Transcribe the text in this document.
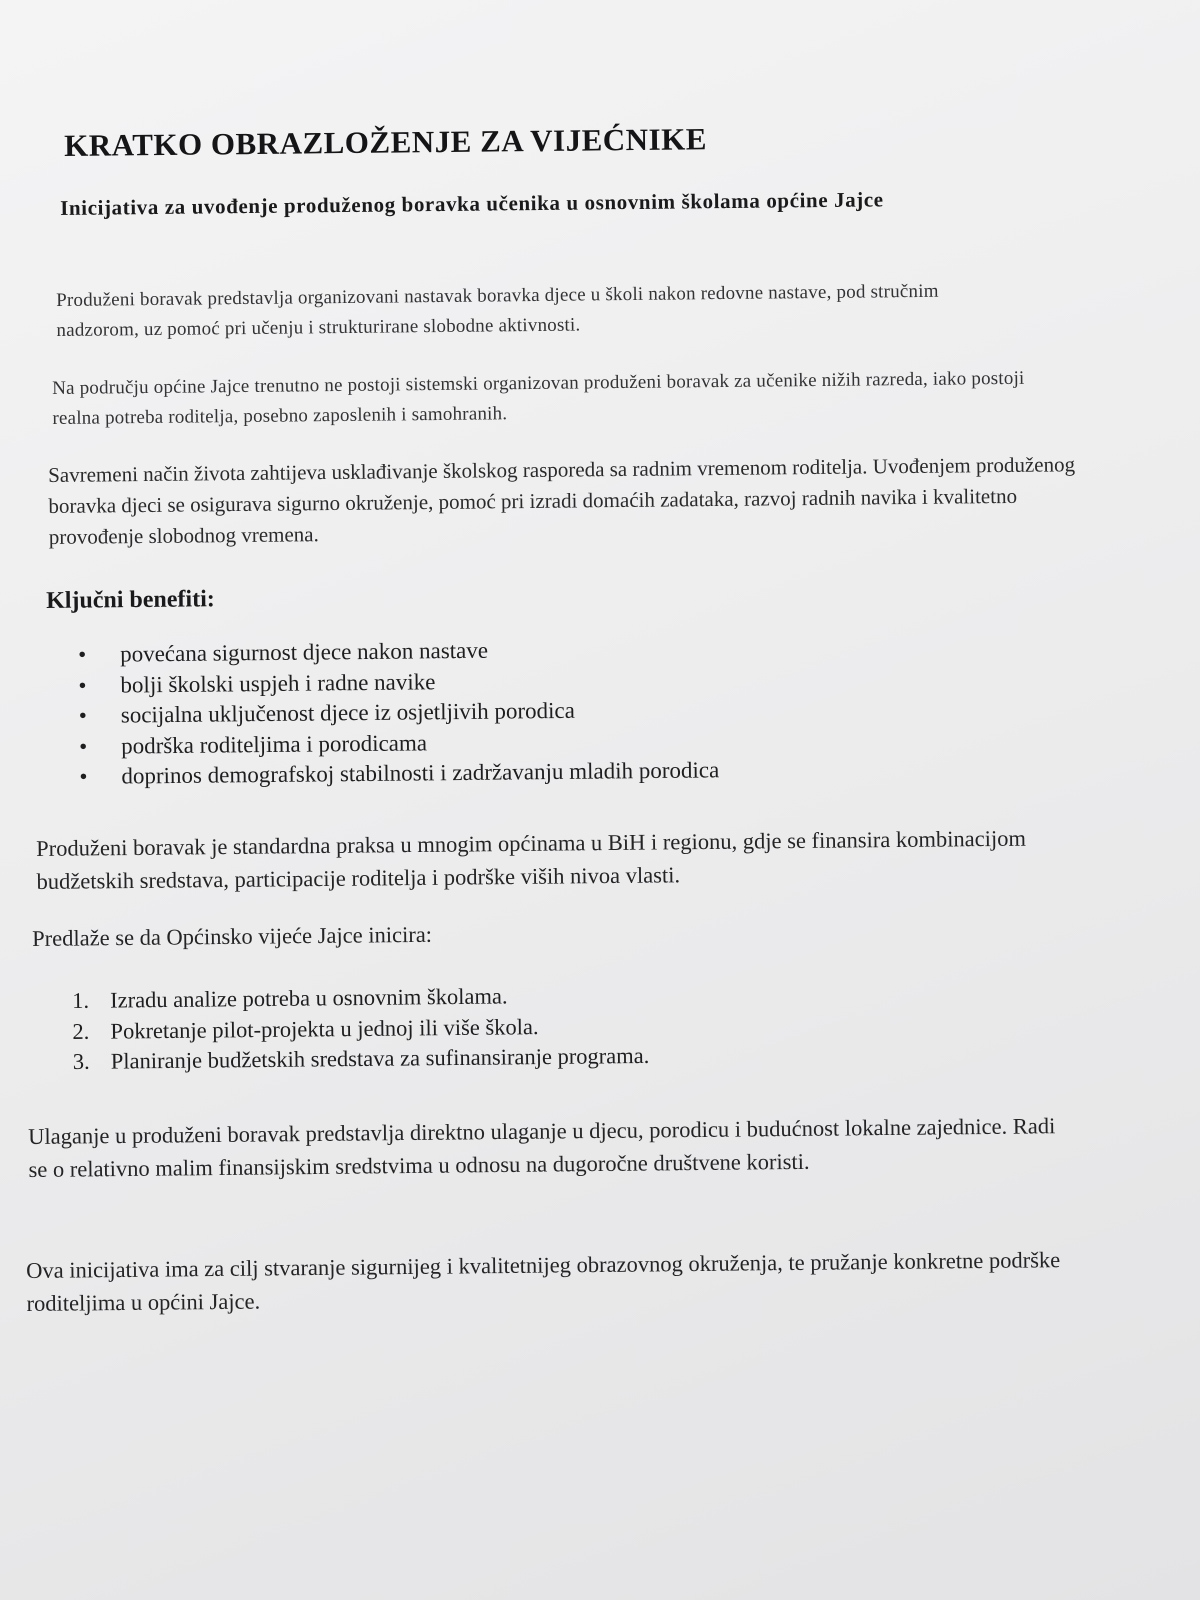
KRATKO OBRAZLOŽENJE ZA VIJEĆNIKE
Inicijativa za uvođenje produženog boravka učenika u osnovnim školama općine Jajce

Produženi boravak predstavlja organizovani nastavak boravka djece u školi nakon redovne nastave, pod stručnim nadzorom, uz pomoć pri učenju i strukturirane slobodne aktivnosti.

Na području općine Jajce trenutno ne postoji sistemski organizovan produženi boravak za učenike nižih razreda, iako postoji realna potreba roditelja, posebno zaposlenih i samohranih.

Savremeni način života zahtijeva usklađivanje školskog rasporeda sa radnim vremenom roditelja. Uvođenjem produženog boravka djeci se osigurava sigurno okruženje, pomoć pri izradi domaćih zadataka, razvoj radnih navika i kvalitetno provođenje slobodnog vremena.

Ključni benefiti:
• povećana sigurnost djece nakon nastave
• bolji školski uspjeh i radne navike
• socijalna uključenost djece iz osjetljivih porodica
• podrška roditeljima i porodicama
• doprinos demografskoj stabilnosti i zadržavanju mladih porodica

Produženi boravak je standardna praksa u mnogim općinama u BiH i regionu, gdje se finansira kombinacijom budžetskih sredstava, participacije roditelja i podrške viših nivoa vlasti.

Predlaže se da Općinsko vijeće Jajce inicira:

1. Izradu analize potreba u osnovnim školama.
2. Pokretanje pilot-projekta u jednoj ili više škola.
3. Planiranje budžetskih sredstava za sufinansiranje programa.

Ulaganje u produženi boravak predstavlja direktno ulaganje u djecu, porodicu i budućnost lokalne zajednice. Radi se o relativno malim finansijskim sredstvima u odnosu na dugoročne društvene koristi.

Ova inicijativa ima za cilj stvaranje sigurnijeg i kvalitetnijeg obrazovnog okruženja, te pružanje konkretne podrške roditeljima u općini Jajce.
